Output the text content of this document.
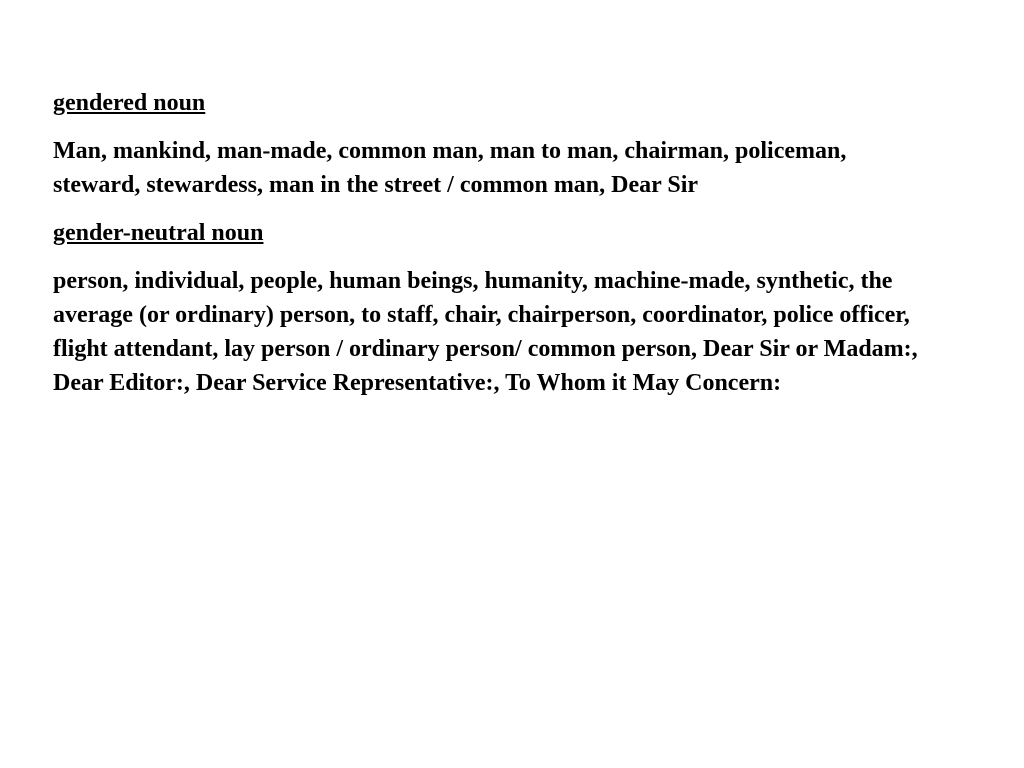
gendered noun
Man, mankind, man-made, common man, man to man, chairman, policeman, steward, stewardess, man in the street / common man, Dear Sir
gender-neutral noun
person, individual, people, human beings, humanity, machine-made, synthetic, the average (or ordinary) person, to staff, chair, chairperson, coordinator, police officer, flight attendant, lay person / ordinary person/ common person, Dear Sir or Madam:, Dear Editor:, Dear Service Representative:, To Whom it May Concern:
